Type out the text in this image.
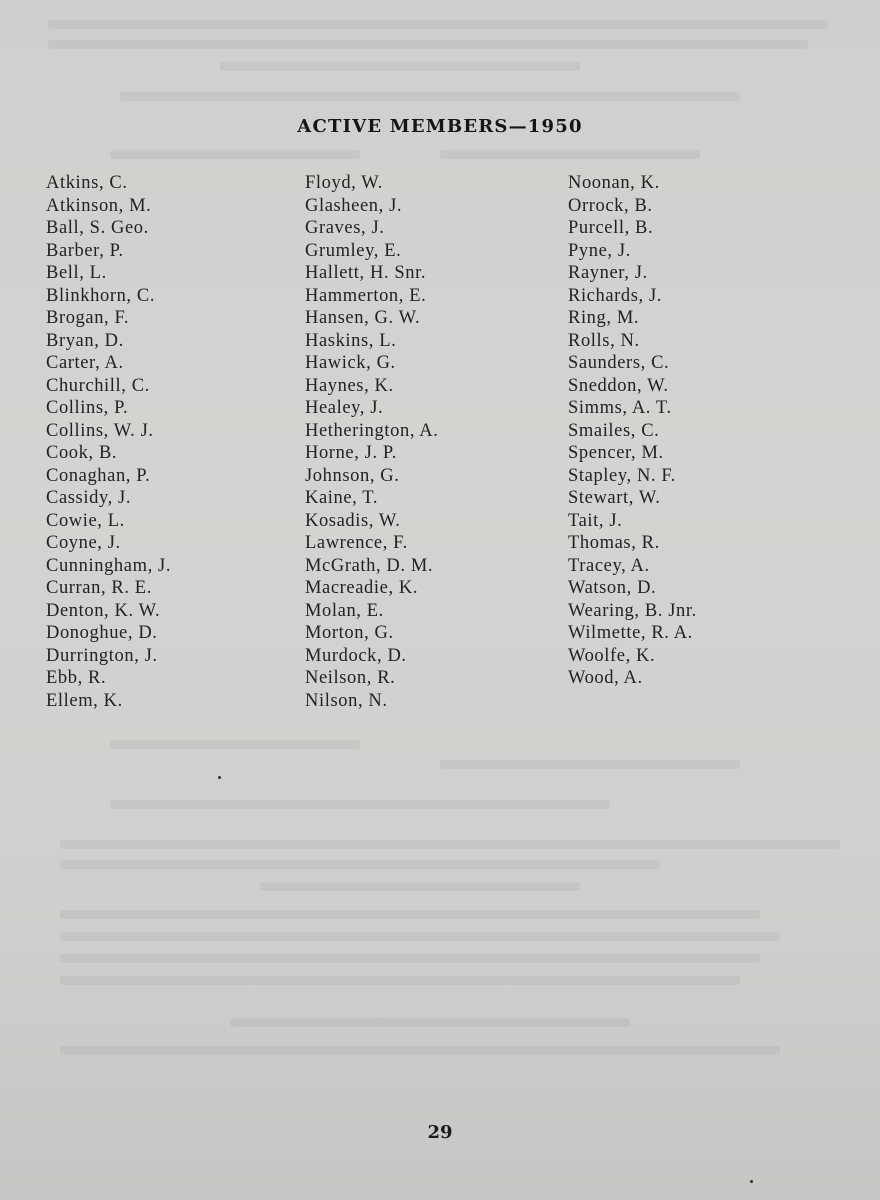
ACTIVE MEMBERS—1950
Atkins, C.
Atkinson, M.
Ball, S. Geo.
Barber, P.
Bell, L.
Blinkhorn, C.
Brogan, F.
Bryan, D.
Carter, A.
Churchill, C.
Collins, P.
Collins, W. J.
Cook, B.
Conaghan, P.
Cassidy, J.
Cowie, L.
Coyne, J.
Cunningham, J.
Curran, R. E.
Denton, K. W.
Donoghue, D.
Durrington, J.
Ebb, R.
Ellem, K.
Floyd, W.
Glasheen, J.
Graves, J.
Grumley, E.
Hallett, H. Snr.
Hammerton, E.
Hansen, G. W.
Haskins, L.
Hawick, G.
Haynes, K.
Healey, J.
Hetherington, A.
Horne, J. P.
Johnson, G.
Kaine, T.
Kosadis, W.
Lawrence, F.
McGrath, D. M.
Macreadie, K.
Molan, E.
Morton, G.
Murdock, D.
Neilson, R.
Nilson, N.
Noonan, K.
Orrock, B.
Purcell, B.
Pyne, J.
Rayner, J.
Richards, J.
Ring, M.
Rolls, N.
Saunders, C.
Sneddon, W.
Simms, A. T.
Smailes, C.
Spencer, M.
Stapley, N. F.
Stewart, W.
Tait, J.
Thomas, R.
Tracey, A.
Watson, D.
Wearing, B. Jnr.
Wilmette, R. A.
Woolfe, K.
Wood, A.
29
